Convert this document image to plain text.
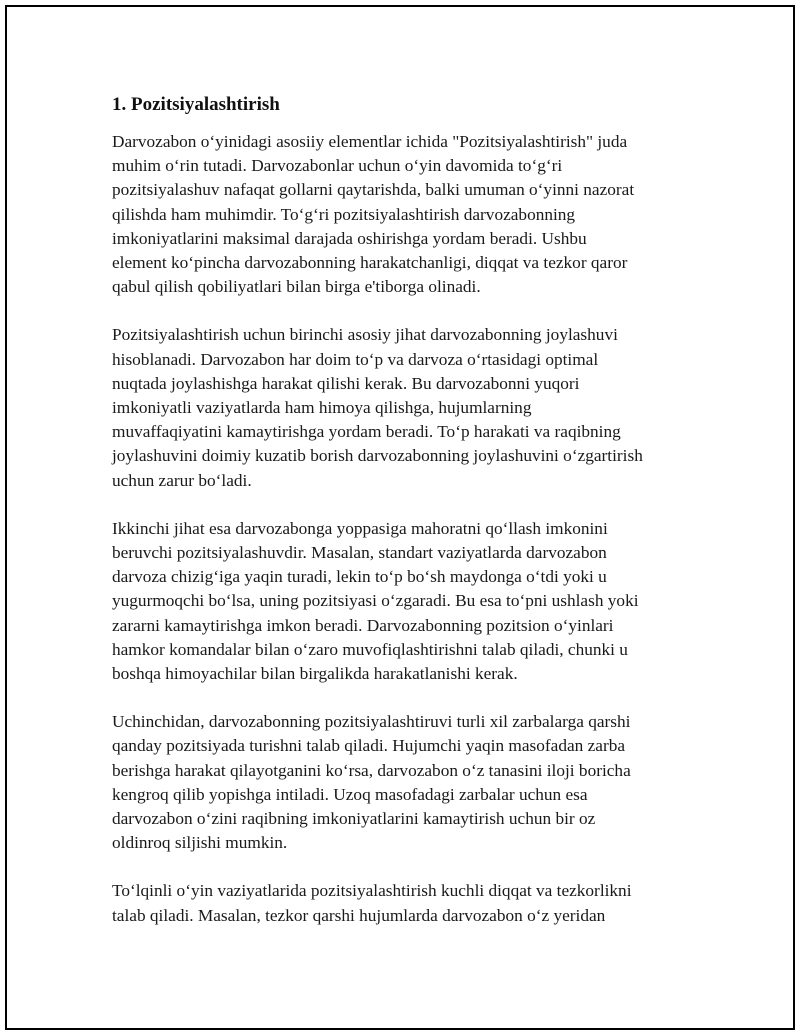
1. Pozitsiyalashtirish

Darvozabon o‘yinidagi asosiiy elementlar ichida "Pozitsiyalashtirish" juda
muhim o‘rin tutadi. Darvozabonlar uchun o‘yin davomida to‘g‘ri
pozitsiyalashuv nafaqat gollarni qaytarishda, balki umuman o‘yinni nazorat
qilishda ham muhimdir. To‘g‘ri pozitsiyalashtirish darvozabonning
imkoniyatlarini maksimal darajada oshirishga yordam beradi. Ushbu
element ko‘pincha darvozabonning harakatchanligi, diqqat va tezkor qaror
qabul qilish qobiliyatlari bilan birga e'tiborga olinadi.

Pozitsiyalashtirish uchun birinchi asosiy jihat darvozabonning joylashuvi
hisoblanadi. Darvozabon har doim to‘p va darvoza o‘rtasidagi optimal
nuqtada joylashishga harakat qilishi kerak. Bu darvozabonni yuqori
imkoniyatli vaziyatlarda ham himoya qilishga, hujumlarning
muvaffaqiyatini kamaytirishga yordam beradi. To‘p harakati va raqibning
joylashuvini doimiy kuzatib borish darvozabonning joylashuvini o‘zgartirish
uchun zarur bo‘ladi.

Ikkinchi jihat esa darvozabonga yoppasiga mahoratni qo‘llash imkonini
beruvchi pozitsiyalashuvdir. Masalan, standart vaziyatlarda darvozabon
darvoza chizig‘iga yaqin turadi, lekin to‘p bo‘sh maydonga o‘tdi yoki u
yugurmoqchi bo‘lsa, uning pozitsiyasi o‘zgaradi. Bu esa to‘pni ushlash yoki
zararni kamaytirishga imkon beradi. Darvozabonning pozitsion o‘yinlari
hamkor komandalar bilan o‘zaro muvofiqlashtirishni talab qiladi, chunki u
boshqa himoyachilar bilan birgalikda harakatlanishi kerak.

Uchinchidan, darvozabonning pozitsiyalashtiruvi turli xil zarbalarga qarshi
qanday pozitsiyada turishni talab qiladi. Hujumchi yaqin masofadan zarba
berishga harakat qilayotganini ko‘rsa, darvozabon o‘z tanasini iloji boricha
kengroq qilib yopishga intiladi. Uzoq masofadagi zarbalar uchun esa
darvozabon o‘zini raqibning imkoniyatlarini kamaytirish uchun bir oz
oldinroq siljishi mumkin.

To‘lqinli o‘yin vaziyatlarida pozitsiyalashtirish kuchli diqqat va tezkorlikni
talab qiladi. Masalan, tezkor qarshi hujumlarda darvozabon o‘z yeridan
